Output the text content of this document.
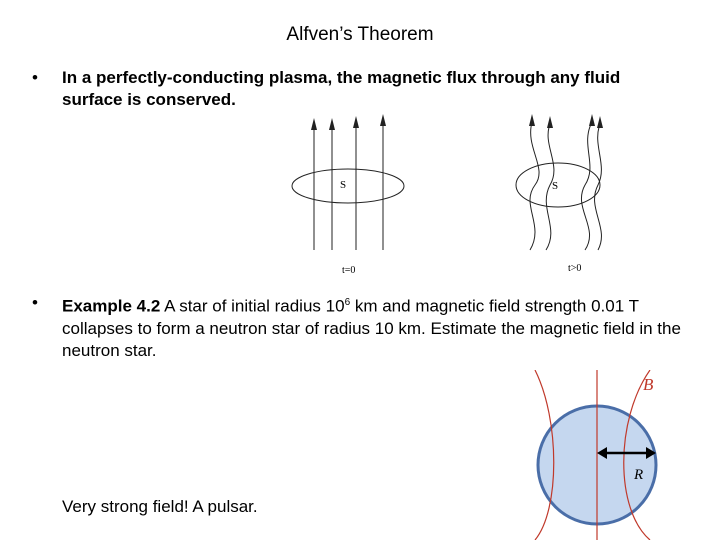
Alfven’s Theorem
• In a perfectly-conducting plasma, the magnetic flux through any fluid surface is conserved.
S	S
t=0	t>0
• Example 4.2 A star of initial radius $10^6$ km and magnetic field strength 0.01 T collapses to form a neutron star of radius 10 km. Estimate the magnetic field in the neutron star.
B
R
Very strong field! A pulsar.
